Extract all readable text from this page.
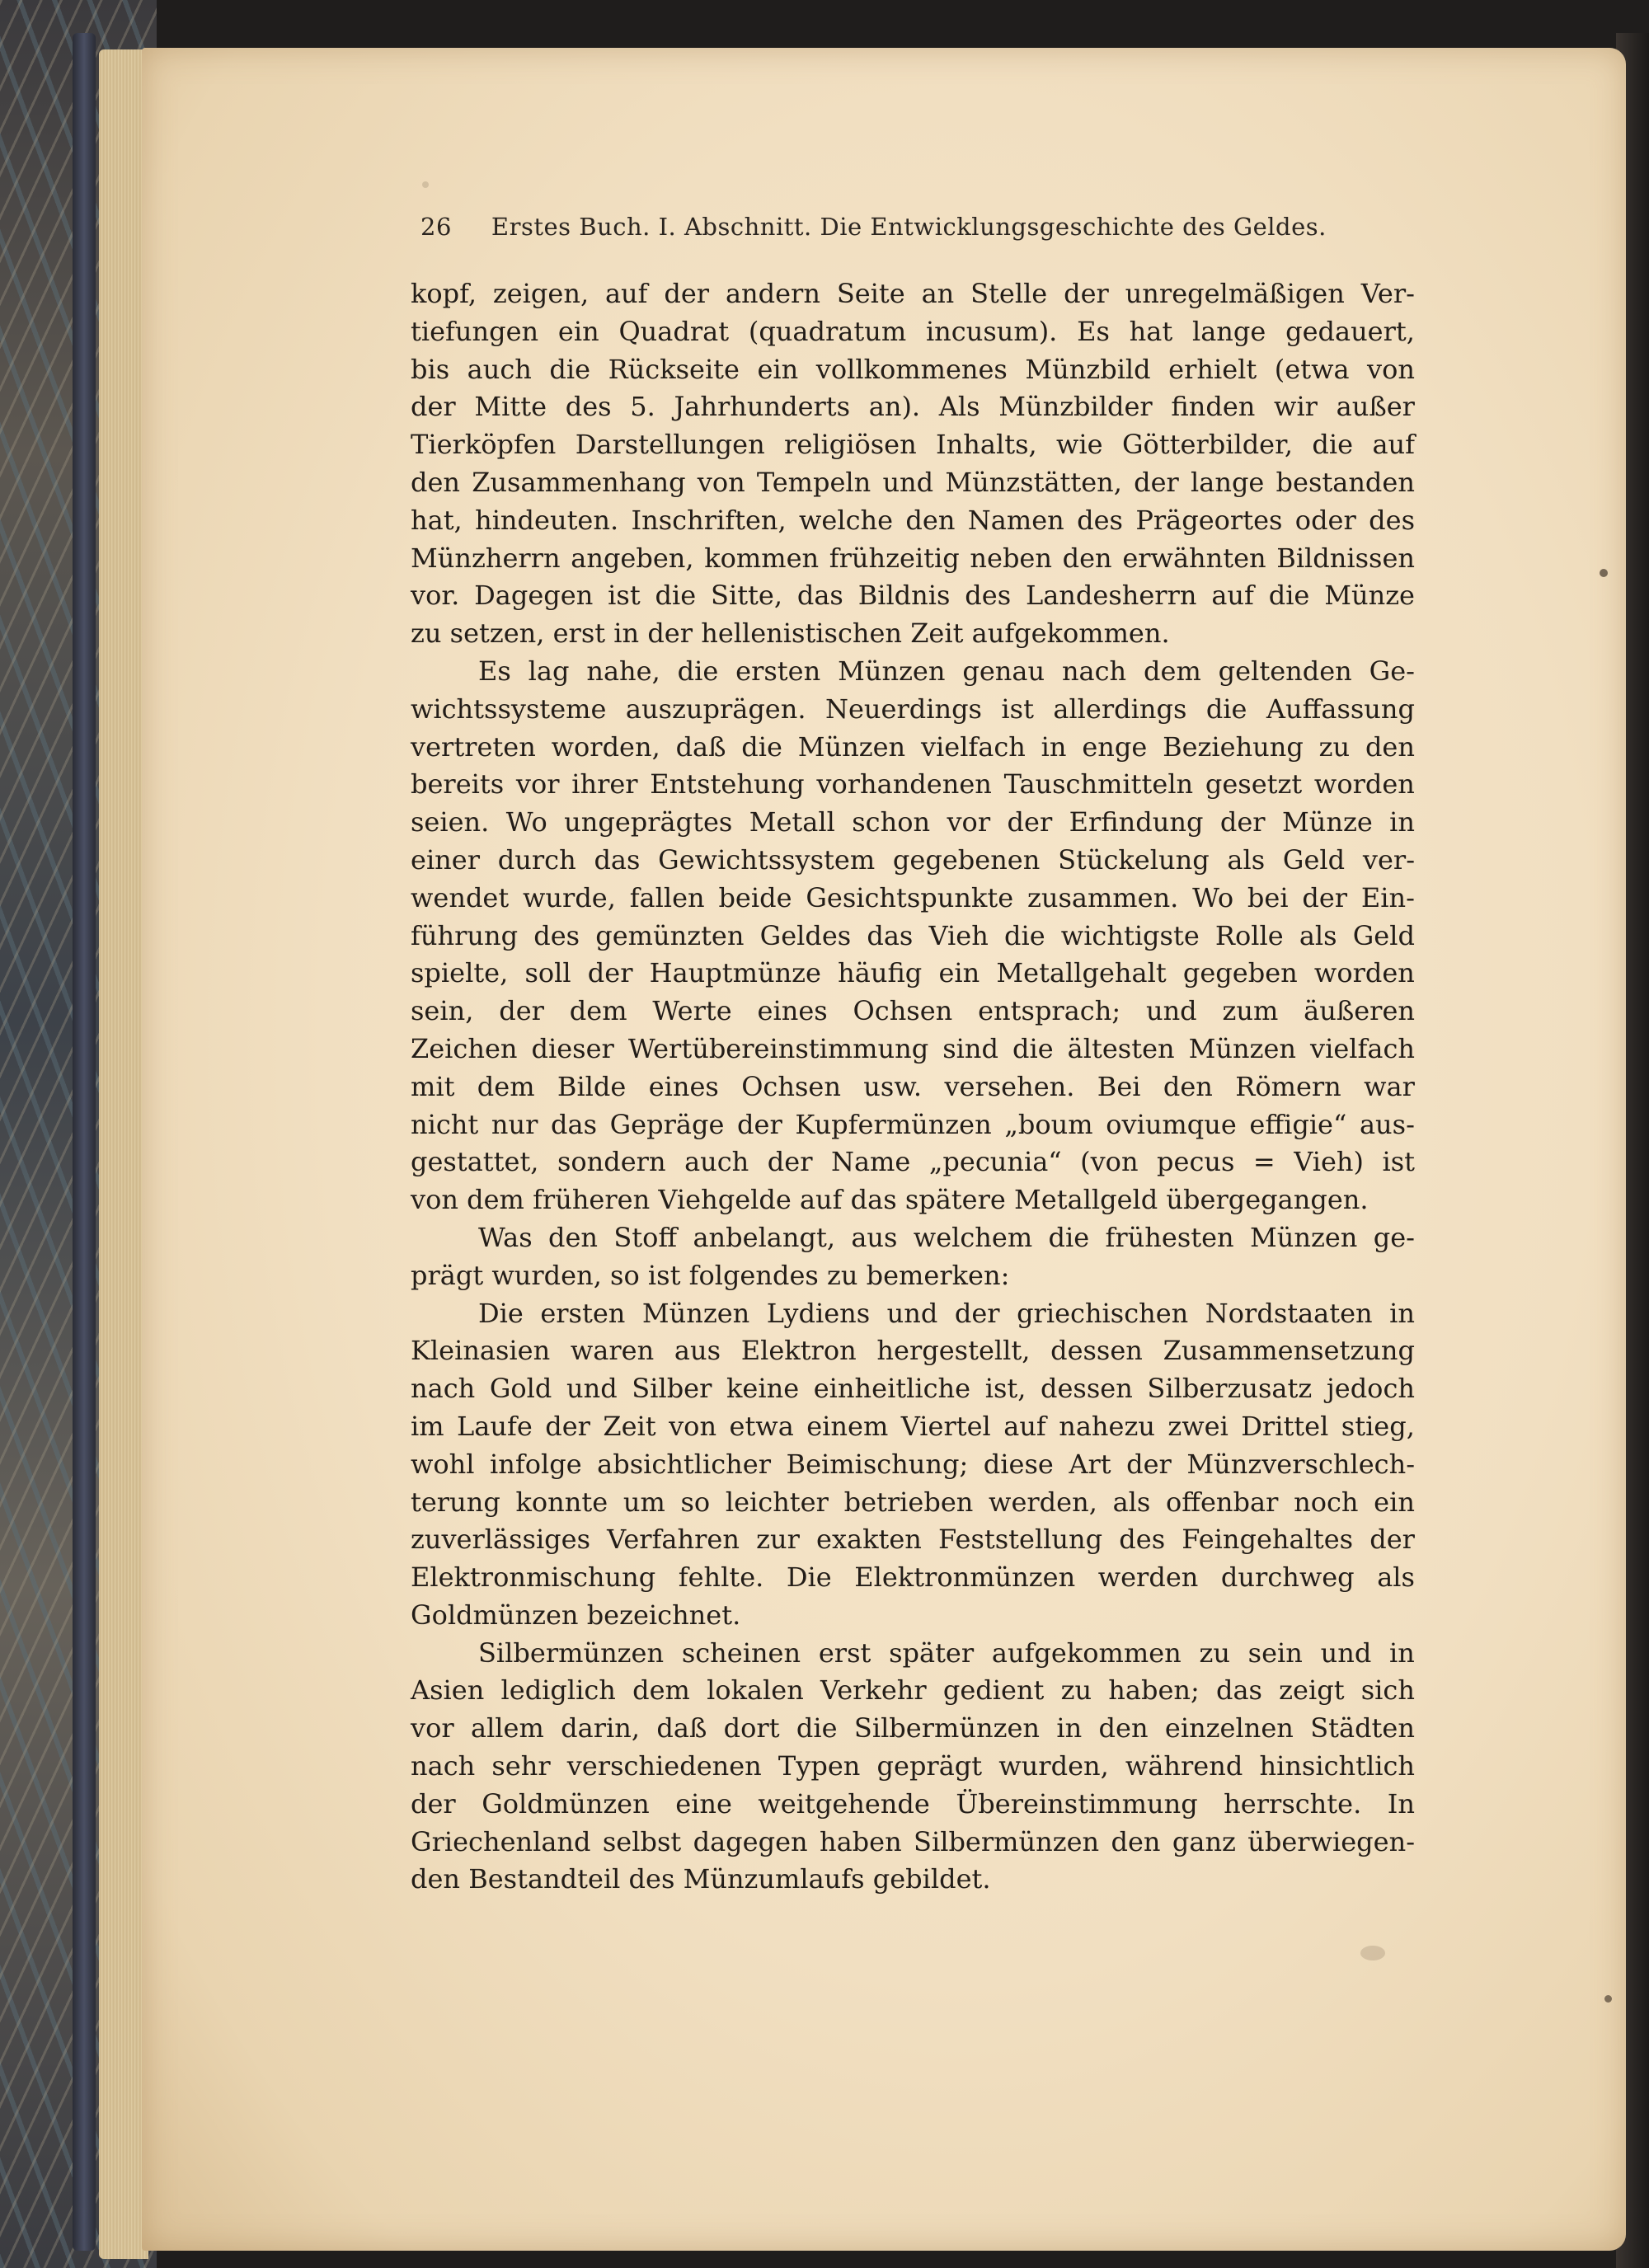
26 Erstes Buch. I. Abschnitt. Die Entwicklungsgeschichte des Geldes.
kopf, zeigen, auf der andern Seite an Stelle der unregelmäßigen Ver-
tiefungen ein Quadrat (quadratum incusum). Es hat lange gedauert,
bis auch die Rückseite ein vollkommenes Münzbild erhielt (etwa von
der Mitte des 5. Jahrhunderts an). Als Münzbilder finden wir außer
Tierköpfen Darstellungen religiösen Inhalts, wie Götterbilder, die auf
den Zusammenhang von Tempeln und Münzstätten, der lange bestanden
hat, hindeuten. Inschriften, welche den Namen des Prägeortes oder des
Münzherrn angeben, kommen frühzeitig neben den erwähnten Bildnissen
vor. Dagegen ist die Sitte, das Bildnis des Landesherrn auf die Münze
zu setzen, erst in der hellenistischen Zeit aufgekommen.
Es lag nahe, die ersten Münzen genau nach dem geltenden Ge-
wichtssysteme auszuprägen. Neuerdings ist allerdings die Auffassung
vertreten worden, daß die Münzen vielfach in enge Beziehung zu den
bereits vor ihrer Entstehung vorhandenen Tauschmitteln gesetzt worden
seien. Wo ungeprägtes Metall schon vor der Erfindung der Münze in
einer durch das Gewichtssystem gegebenen Stückelung als Geld ver-
wendet wurde, fallen beide Gesichtspunkte zusammen. Wo bei der Ein-
führung des gemünzten Geldes das Vieh die wichtigste Rolle als Geld
spielte, soll der Hauptmünze häufig ein Metallgehalt gegeben worden
sein, der dem Werte eines Ochsen entsprach; und zum äußeren
Zeichen dieser Wertübereinstimmung sind die ältesten Münzen vielfach
mit dem Bilde eines Ochsen usw. versehen. Bei den Römern war
nicht nur das Gepräge der Kupfermünzen „boum oviumque effigie“ aus-
gestattet, sondern auch der Name „pecunia“ (von pecus = Vieh) ist
von dem früheren Viehgelde auf das spätere Metallgeld übergegangen.
Was den Stoff anbelangt, aus welchem die frühesten Münzen ge-
prägt wurden, so ist folgendes zu bemerken:
Die ersten Münzen Lydiens und der griechischen Nordstaaten in
Kleinasien waren aus Elektron hergestellt, dessen Zusammensetzung
nach Gold und Silber keine einheitliche ist, dessen Silberzusatz jedoch
im Laufe der Zeit von etwa einem Viertel auf nahezu zwei Drittel stieg,
wohl infolge absichtlicher Beimischung; diese Art der Münzverschlech-
terung konnte um so leichter betrieben werden, als offenbar noch ein
zuverlässiges Verfahren zur exakten Feststellung des Feingehaltes der
Elektronmischung fehlte. Die Elektronmünzen werden durchweg als
Goldmünzen bezeichnet.
Silbermünzen scheinen erst später aufgekommen zu sein und in
Asien lediglich dem lokalen Verkehr gedient zu haben; das zeigt sich
vor allem darin, daß dort die Silbermünzen in den einzelnen Städten
nach sehr verschiedenen Typen geprägt wurden, während hinsichtlich
der Goldmünzen eine weitgehende Übereinstimmung herrschte. In
Griechenland selbst dagegen haben Silbermünzen den ganz überwiegen-
den Bestandteil des Münzumlaufs gebildet.
